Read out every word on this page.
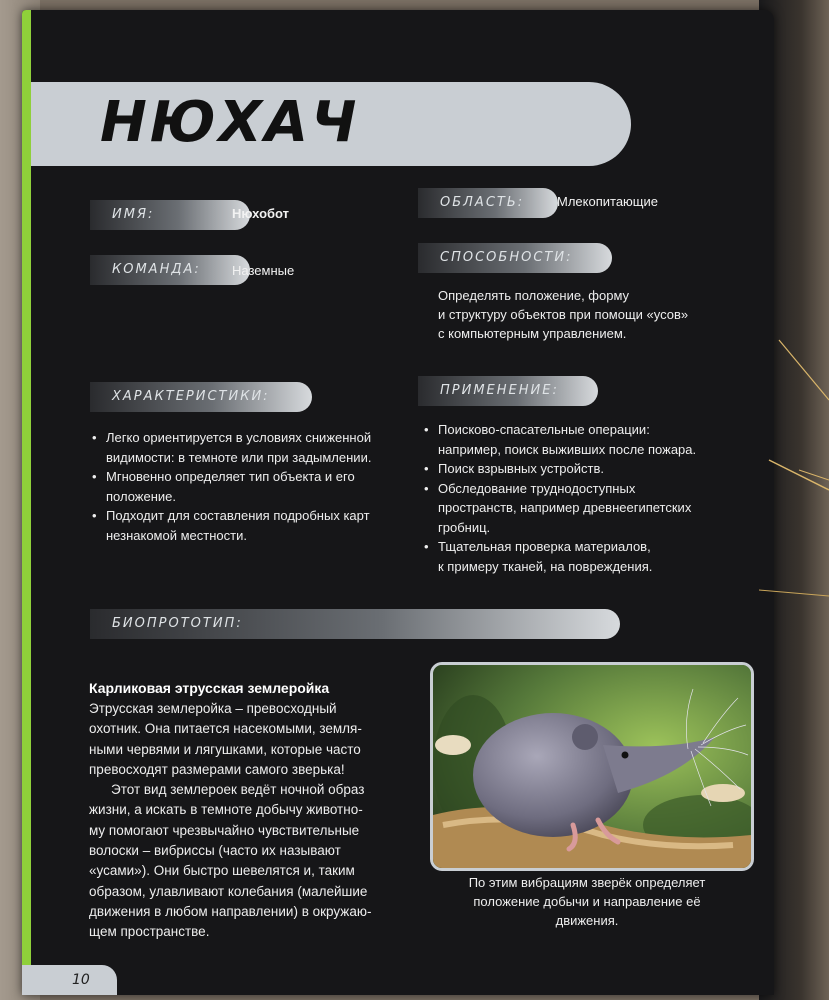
НЮХАЧ
ИМЯ:	Нюхобот
КОМАНДА: Наземные
ОБЛАСТЬ:	Млекопитающие
СПОСОБНОСТИ:
Определять положение, форму
и структуру объектов при помощи «усов»
с компьютерным управлением.
ХАРАКТЕРИСТИКИ:
• Легко ориентируется в условиях сниженной
видимости: в темноте или при задымлении.
• Мгновенно определяет тип объекта и его
положение.
• Подходит для составления подробных карт
незнакомой местности.
ПРИМЕНЕНИЕ:
• Поисково-спасательные операции:
например, поиск выживших после пожара.
• Поиск взрывных устройств.
• Обследование труднодоступных
пространств, например древнеегипетских
гробниц.
• Тщательная проверка материалов,
к примеру тканей, на повреждения.
БИОПРОТОТИП:
Карликовая этрусская землеройка

Этрусская землеройка – превосходный

охотник. Она питается насекомыми, земля-

ными червями и лягушками, которые часто

превосходят размерами самого зверька!

Этот вид землероек ведёт ночной образ

жизни, а искать в темноте добычу животно-

му помогают чрезвычайно чувствительные

волоски – вибриссы (часто их называют

«усами»). Они быстро шевелятся и, таким

образом, улавливают колебания (малейшие

движения в любом направлении) в окружаю-

щем пространстве.

По этим вибрациям зверёк определяет
положение добычи и направление её
движения.
10
